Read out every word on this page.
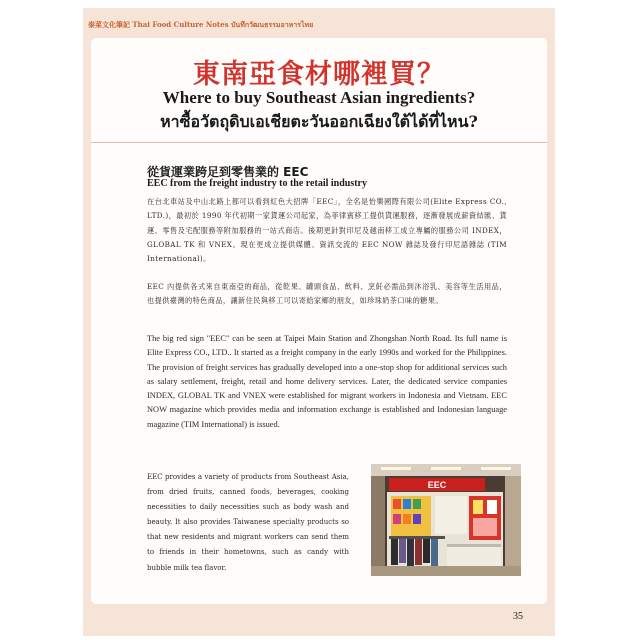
泰菜文化筆記 Thai Food Culture Notes บันทึกวัฒนธรรมอาหารไทย
東南亞食材哪裡買？
Where to buy Southeast Asian ingredients?
หาซื้อวัตถุดิบเอเชียตะวันออกเฉียงใต้ได้ที่ไหน?
從貨運業跨足到零售業的 EEC
EEC from the freight industry to the retail industry

在台北車站及中山北路上都可以看到紅色大招牌「EEC」，全名是怡樂國際有限公司(Elite Express CO., LTD.)，最初於 1990 年代初期一家貨運公司起家，為菲律賓移工提供貨運服務，逐漸發展成薪資結匯、貨運、零售及宅配服務等附加服務的一站式商店。後期更針對印尼及越南移工成立專屬的服務公司 INDEX，GLOBAL TK 和 VNEX。現在更成立提供媒體、資訊交流的 EEC NOW 雜誌及發行印尼語雜誌 (TIM International)。

EEC 內提供各式來自東南亞的商品，從乾果、罐頭食品、飲料、烹飪必需品到沐浴乳、美容等生活用品，也提供臺灣的特色商品，讓新住民與移工可以寄給家鄉的朋友，如珍珠奶茶口味的糖果。

The big red sign "EEC" can be seen at Taipei Main Station and Zhongshan North Road. Its full name is Elite Express CO., LTD.. It started as a freight company in the early 1990s and worked for the Philippines. The provision of freight services has gradually developed into a one-stop shop for additional services such as salary settlement, freight, retail and home delivery services. Later, the dedicated service companies INDEX, GLOBAL TK and VNEX were established for migrant workers in Indonesia and Vietnam. EEC NOW magazine which provides media and information exchange is established and Indonesian language magazine (TIM International) is issued.

EEC provides a variety of products from Southeast Asia, from dried fruits, canned foods, beverages, cooking necessities to daily necessities such as body wash and beauty. It also provides Taiwanese specialty products so that new residents and migrant workers can send them to friends in their hometowns, such as candy with bubble milk tea flavor.

EEC
35
